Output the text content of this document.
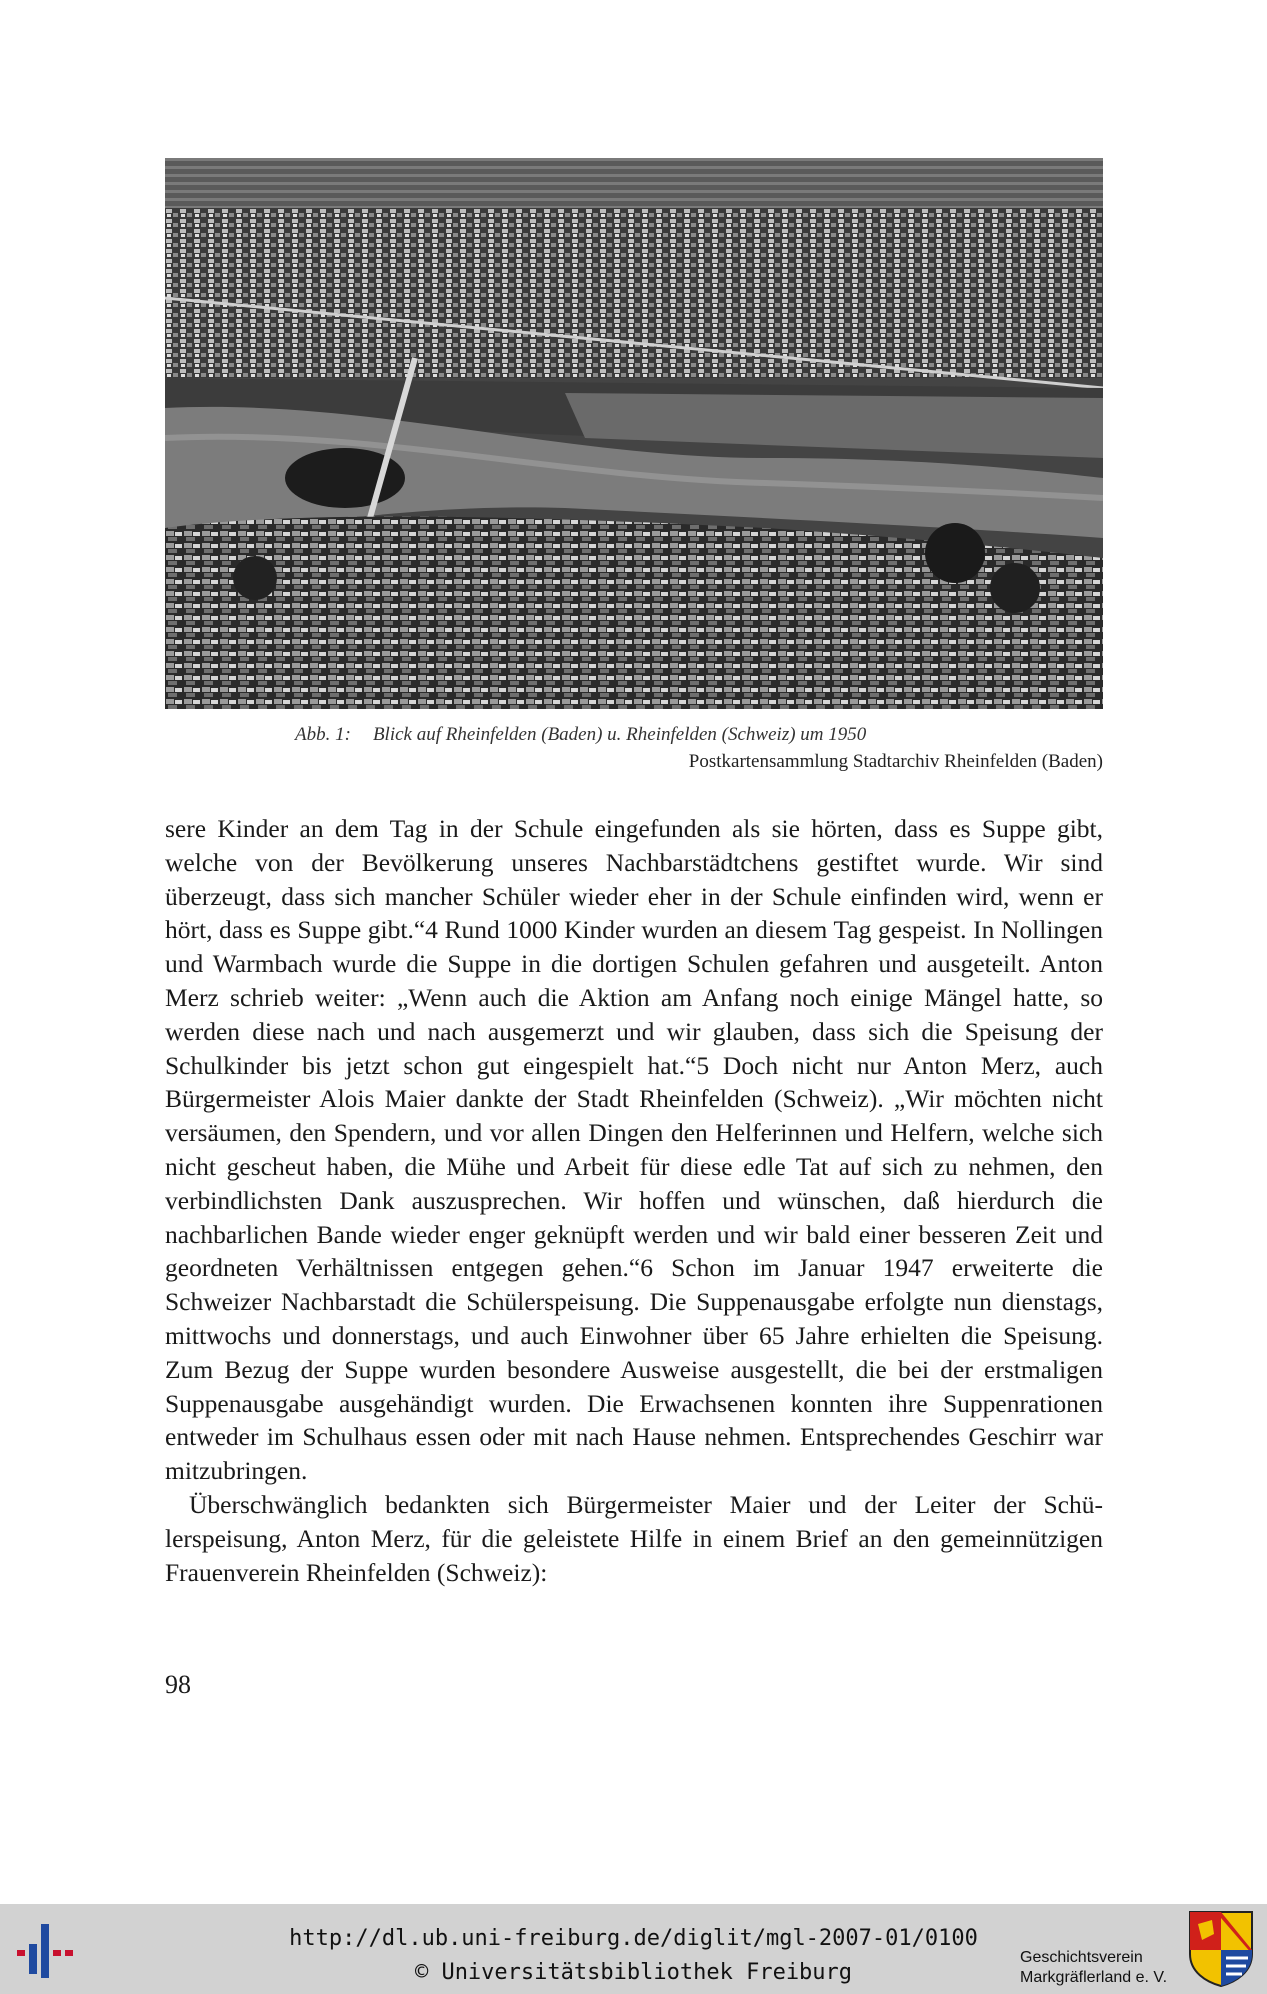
Abb. 1: Blick auf Rheinfelden (Baden) u. Rheinfelden (Schweiz) um 1950
Postkartensammlung Stadtarchiv Rheinfelden (Baden)

sere Kinder an dem Tag in der Schule eingefunden als sie hörten, dass es Suppe gibt, welche von der Bevölkerung unseres Nachbarstädtchens gestiftet wurde. Wir sind überzeugt, dass sich mancher Schüler wieder eher in der Schule einfinden wird, wenn er hört, dass es Suppe gibt.“4 Rund 1000 Kinder wurden an diesem Tag gespeist. In Nollingen und Warmbach wurde die Suppe in die dortigen Schulen gefahren und ausgeteilt. Anton Merz schrieb weiter: „Wenn auch die Aktion am Anfang noch einige Mängel hatte, so werden diese nach und nach ausgemerzt und wir glauben, dass sich die Speisung der Schulkinder bis jetzt schon gut eingespielt hat.“5 Doch nicht nur Anton Merz, auch Bürgermeister Alois Maier dankte der Stadt Rheinfelden (Schweiz). „Wir möchten nicht versäumen, den Spendern, und vor allen Dingen den Helferinnen und Helfern, welche sich nicht gescheut haben, die Mühe und Arbeit für diese edle Tat auf sich zu nehmen, den verbindlichsten Dank auszusprechen. Wir hoffen und wünschen, daß hierdurch die nachbarlichen Bande wieder enger geknüpft werden und wir bald einer besseren Zeit und geordneten Verhältnissen entgegen gehen.“6 Schon im Januar 1947 erweiterte die Schweizer Nachbarstadt die Schülerspeisung. Die Suppenausgabe erfolgte nun dienstags, mittwochs und donnerstags, und auch Einwohner über 65 Jahre erhielten die Speisung. Zum Bezug der Suppe wurden besondere Ausweise ausgestellt, die bei der erstmaligen Suppenausgabe ausgehändigt wurden. Die Erwachsenen konnten ihre Suppenrationen entweder im Schulhaus essen oder mit nach Hause nehmen. Entsprechendes Geschirr war mitzubringen.

Überschwänglich bedankten sich Bürgermeister Maier und der Leiter der Schülerspeisung, Anton Merz, für die geleistete Hilfe in einem Brief an den gemeinnützigen Frauenverein Rheinfelden (Schweiz):

98
http://dl.ub.uni-freiburg.de/diglit/mgl-2007-01/0100
© Universitätsbibliothek Freiburg
Geschichtsverein
Markgräflerland e. V.
